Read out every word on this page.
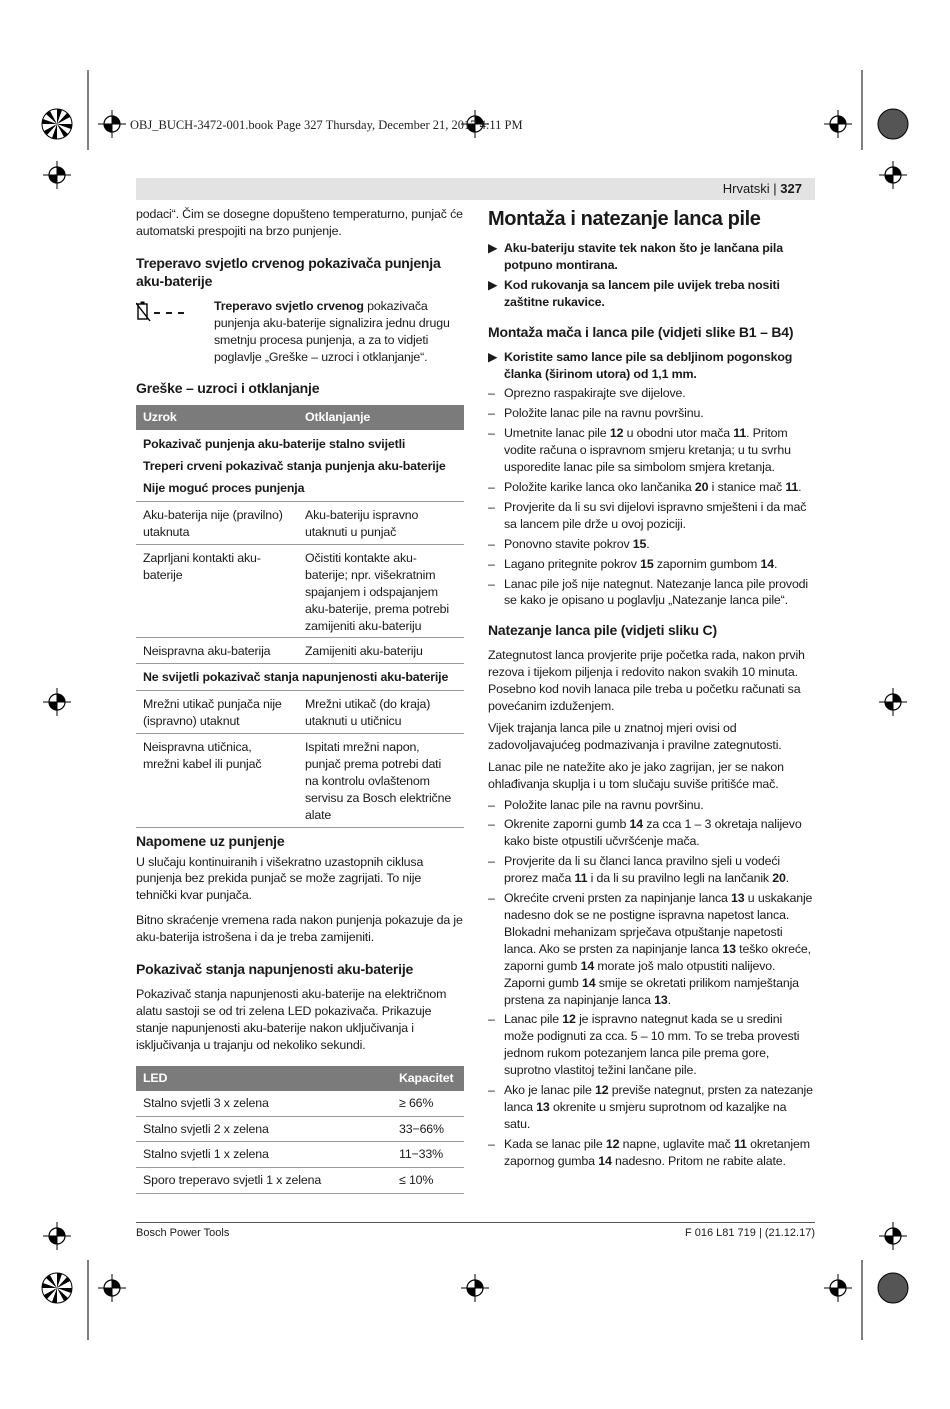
OBJ_BUCH-3472-001.book Page 327 Thursday, December 21, 2017 4:11 PM
Hrvatski | 327

podaci“. Čim se dosegne dopušteno temperaturno, punjač će automatski prespojiti na brzo punjenje.

Treperavo svjetlo crvenog pokazivača punjenja aku-baterije
Treperavo svjetlo crvenog pokazivača punjenja aku-baterije signalizira jednu drugu smetnju procesa punjenja, a za to vidjeti poglavlje „Greške – uzroci i otklanjanje“.
Greške – uzroci i otklanjanje
Uzrok	Otklanjanje
Pokazivač punjenja aku-baterije stalno svijetli	
Treperi crveni pokazivač stanja punjenja aku-baterije	
Nije moguć proces punjenja	
Aku-baterija nije (pravilno) utaknuta	Aku-bateriju ispravno utaknuti u punjač
Zaprljani kontakti aku-baterije	Očistiti kontakte aku-baterije; npr. višekratnim spajanjem i odspajanjem aku-baterije, prema potrebi zamijeniti aku-bateriju
Neispravna aku-baterija	Zamijeniti aku-bateriju
Ne svijetli pokazivač stanja napunjenosti aku-baterije	
Mrežni utikač punjača nije (ispravno) utaknut	Mrežni utikač (do kraja) utaknuti u utičnicu
Neispravna utičnica, mrežni kabel ili punjač	Ispitati mrežni napon, punjač prema potrebi dati na kontrolu ovlaštenom servisu za Bosch električne alate
Napomene uz punjenje

U slučaju kontinuiranih i višekratno uzastopnih ciklusa punjenja bez prekida punjač se može zagrijati. To nije tehnički kvar punjača.

Bitno skraćenje vremena rada nakon punjenja pokazuje da je aku-baterija istrošena i da je treba zamijeniti.

Pokazivač stanja napunjenosti aku-baterije

Pokazivač stanja napunjenosti aku-baterije na električnom alatu sastoji se od tri zelena LED pokazivača. Prikazuje stanje napunjenosti aku-baterije nakon uključivanja i isključivanja u trajanju od nekoliko sekundi.

LED	Kapacitet
Stalno svjetli 3 x zelena	≥ 66%
Stalno svjetli 2 x zelena	33−66%
Stalno svjetli 1 x zelena	11−33%
Sporo treperavo svjetli 1 x zelena	≤ 10%
Montaža i natezanje lanca pile
▶ Aku-bateriju stavite tek nakon što je lančana pila potpuno montirana.
▶ Kod rukovanja sa lancem pile uvijek treba nositi zaštitne rukavice.
Montaža mača i lanca pile (vidjeti slike B1 – B4)
▶ Koristite samo lance pile sa debljinom pogonskog članka (širinom utora) od 1,1 mm.
– Oprezno raspakirajte sve dijelove.
– Položite lanac pile na ravnu površinu.
– Umetnite lanac pile 12 u obodni utor mača 11. Pritom vodite računa o ispravnom smjeru kretanja; u tu svrhu usporedite lanac pile sa simbolom smjera kretanja.
– Položite karike lanca oko lančanika 20 i stanice mač 11.
– Provjerite da li su svi dijelovi ispravno smješteni i da mač sa lancem pile drže u ovoj poziciji.
– Ponovno stavite pokrov 15.
– Lagano pritegnite pokrov 15 zapornim gumbom 14.
– Lanac pile još nije nategnut. Natezanje lanca pile provodi se kako je opisano u poglavlju „Natezanje lanca pile“.
Natezanje lanca pile (vidjeti sliku C)

Zategnutost lanca provjerite prije početka rada, nakon prvih rezova i tijekom piljenja i redovito nakon svakih 10 minuta. Posebno kod novih lanaca pile treba u početku računati sa povećanim izduženjem.

Vijek trajanja lanca pile u znatnoj mjeri ovisi od zadovoljavajućeg podmazivanja i pravilne zategnutosti.

Lanac pile ne natežite ako je jako zagrijan, jer se nakon ohlađivanja skuplja i u tom slučaju suviše pritišće mač.

– Položite lanac pile na ravnu površinu.
– Okrenite zaporni gumb 14 za cca 1 – 3 okretaja nalijevo kako biste otpustili učvršćenje mača.
– Provjerite da li su članci lanca pravilno sjeli u vodeći prorez mača 11 i da li su pravilno legli na lančanik 20.
– Okrećite crveni prsten za napinjanje lanca 13 u uskakanje nadesno dok se ne postigne ispravna napetost lanca. Blokadni mehanizam sprječava otpuštanje napetosti lanca. Ako se prsten za napinjanje lanca 13 teško okreće, zaporni gumb 14 morate još malo otpustiti nalijevo. Zaporni gumb 14 smije se okretati prilikom namještanja prstena za napinjanje lanca 13.
– Lanac pile 12 je ispravno nategnut kada se u sredini može podignuti za cca. 5 – 10 mm. To se treba provesti jednom rukom potezanjem lanca pile prema gore, suprotno vlastitoj težini lančane pile.
– Ako je lanac pile 12 previše nategnut, prsten za natezanje lanca 13 okrenite u smjeru suprotnom od kazaljke na satu.
– Kada se lanac pile 12 napne, uglavite mač 11 okretanjem zapornog gumba 14 nadesno. Pritom ne rabite alate.
Bosch Power Tools	F 016 L81 719 | (21.12.17)
